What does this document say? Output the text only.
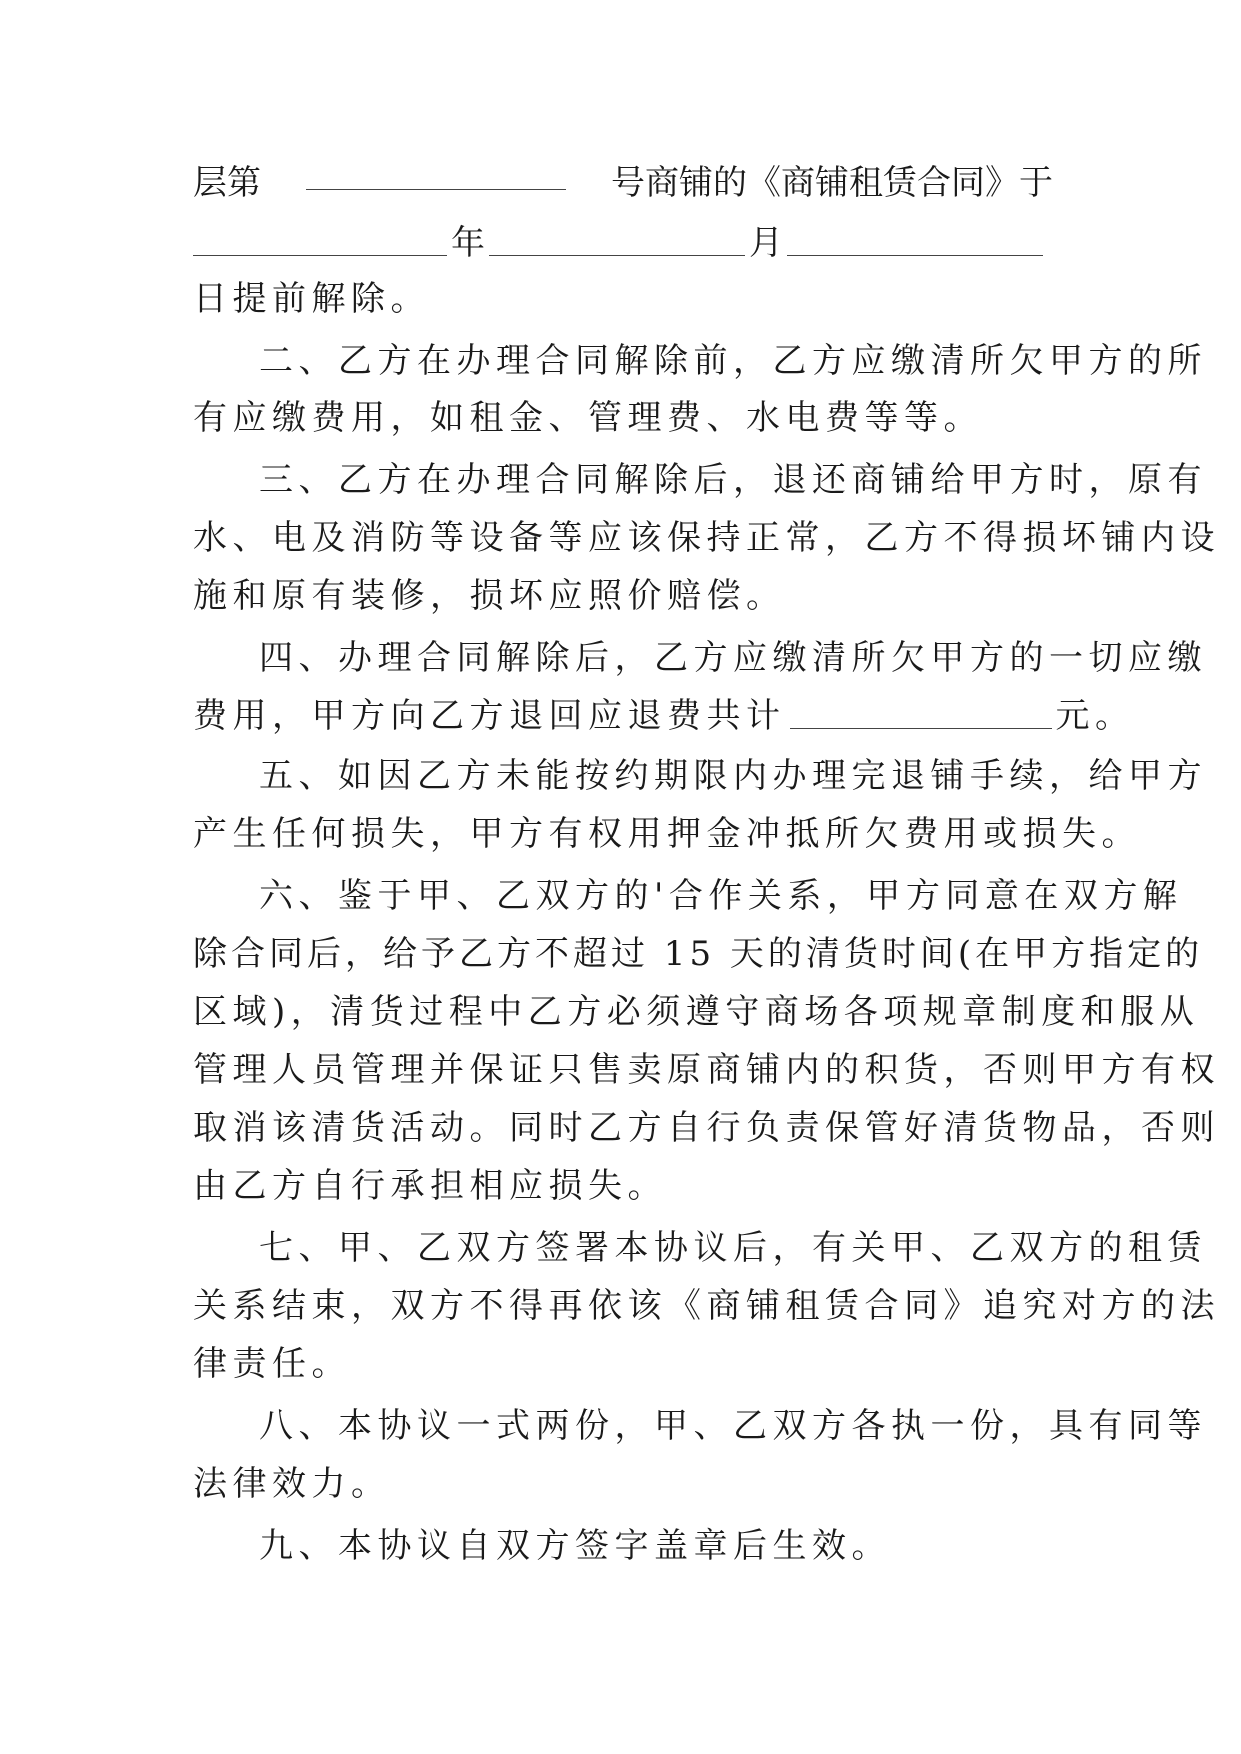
层第	号商铺的《商铺租赁合同》于
年	月
日提前解除。
二、乙方在办理合同解除前，乙方应缴清所欠甲方的所
有应缴费用，如租金、管理费、水电费等等。
三、乙方在办理合同解除后，退还商铺给甲方时，原有
水、电及消防等设备等应该保持正常，乙方不得损坏铺内设
施和原有装修，损坏应照价赔偿。
四、办理合同解除后，乙方应缴清所欠甲方的一切应缴
费用，甲方向乙方退回应退费共计	元。
五、如因乙方未能按约期限内办理完退铺手续，给甲方
产生任何损失，甲方有权用押金冲抵所欠费用或损失。
六、鉴于甲、乙双方的'合作关系，甲方同意在双方解
除合同后，给予乙方不超过 15 天的清货时间(在甲方指定的
区域)，清货过程中乙方必须遵守商场各项规章制度和服从
管理人员管理并保证只售卖原商铺内的积货，否则甲方有权
取消该清货活动。同时乙方自行负责保管好清货物品，否则
由乙方自行承担相应损失。
七、甲、乙双方签署本协议后，有关甲、乙双方的租赁
关系结束，双方不得再依该《商铺租赁合同》追究对方的法
律责任。
八、本协议一式两份，甲、乙双方各执一份，具有同等
法律效力。
九、本协议自双方签字盖章后生效。
